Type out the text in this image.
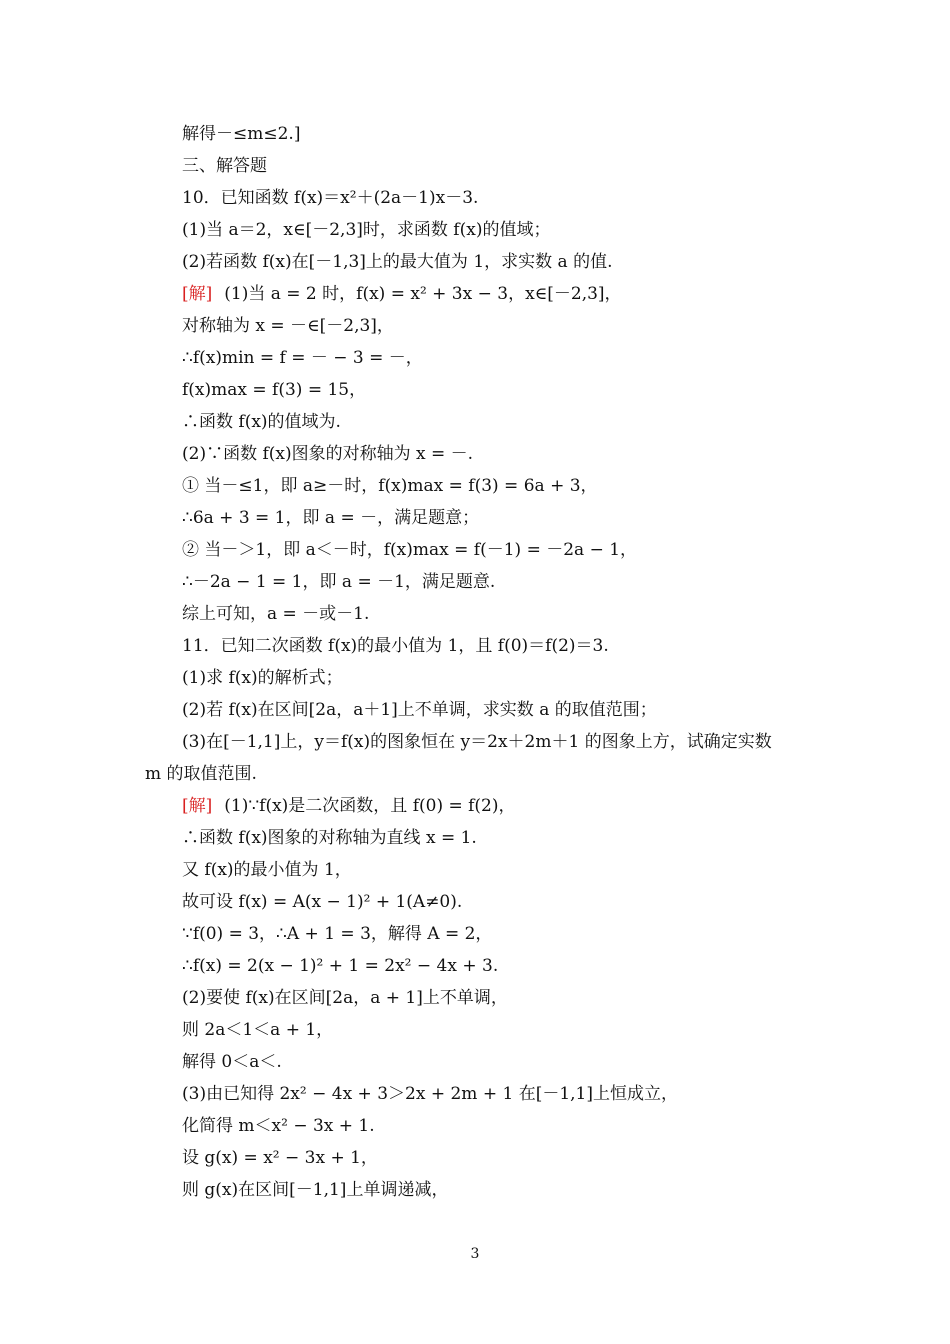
解得－≤m≤2.]
三、解答题
10．已知函数 f(x)＝x²＋(2a－1)x－3.
(1)当 a＝2，x∈[－2,3]时，求函数 f(x)的值域；
(2)若函数 f(x)在[－1,3]上的最大值为 1，求实数 a 的值.
[解] (1)当 a = 2 时，f(x) = x² + 3x − 3，x∈[－2,3]，
对称轴为 x = －∈[－2,3]，
∴f(x)min = f = － − 3 = －，
f(x)max = f(3) = 15，
∴函数 f(x)的值域为.
(2)∵函数 f(x)图象的对称轴为 x = －.
① 当－≤1，即 a≥－时，f(x)max = f(3) = 6a + 3，
∴6a + 3 = 1，即 a = －，满足题意；
② 当－＞1，即 a＜－时，f(x)max = f(－1) = －2a − 1，
∴－2a − 1 = 1，即 a = －1，满足题意.
综上可知，a = －或－1.
11．已知二次函数 f(x)的最小值为 1，且 f(0)＝f(2)＝3.
(1)求 f(x)的解析式；
(2)若 f(x)在区间[2a，a＋1]上不单调，求实数 a 的取值范围；
(3)在[－1,1]上，y＝f(x)的图象恒在 y＝2x＋2m＋1 的图象上方，试确定实数
m 的取值范围.
[解] (1)∵f(x)是二次函数，且 f(0) = f(2)，
∴函数 f(x)图象的对称轴为直线 x = 1.
又 f(x)的最小值为 1，
故可设 f(x) = A(x − 1)² + 1(A≠0).
∵f(0) = 3，∴A + 1 = 3，解得 A = 2，
∴f(x) = 2(x − 1)² + 1 = 2x² − 4x + 3.
(2)要使 f(x)在区间[2a，a + 1]上不单调，
则 2a＜1＜a + 1，
解得 0＜a＜.
(3)由已知得 2x² − 4x + 3＞2x + 2m + 1 在[－1,1]上恒成立，
化简得 m＜x² − 3x + 1.
设 g(x) = x² − 3x + 1，
则 g(x)在区间[－1,1]上单调递减，
3
